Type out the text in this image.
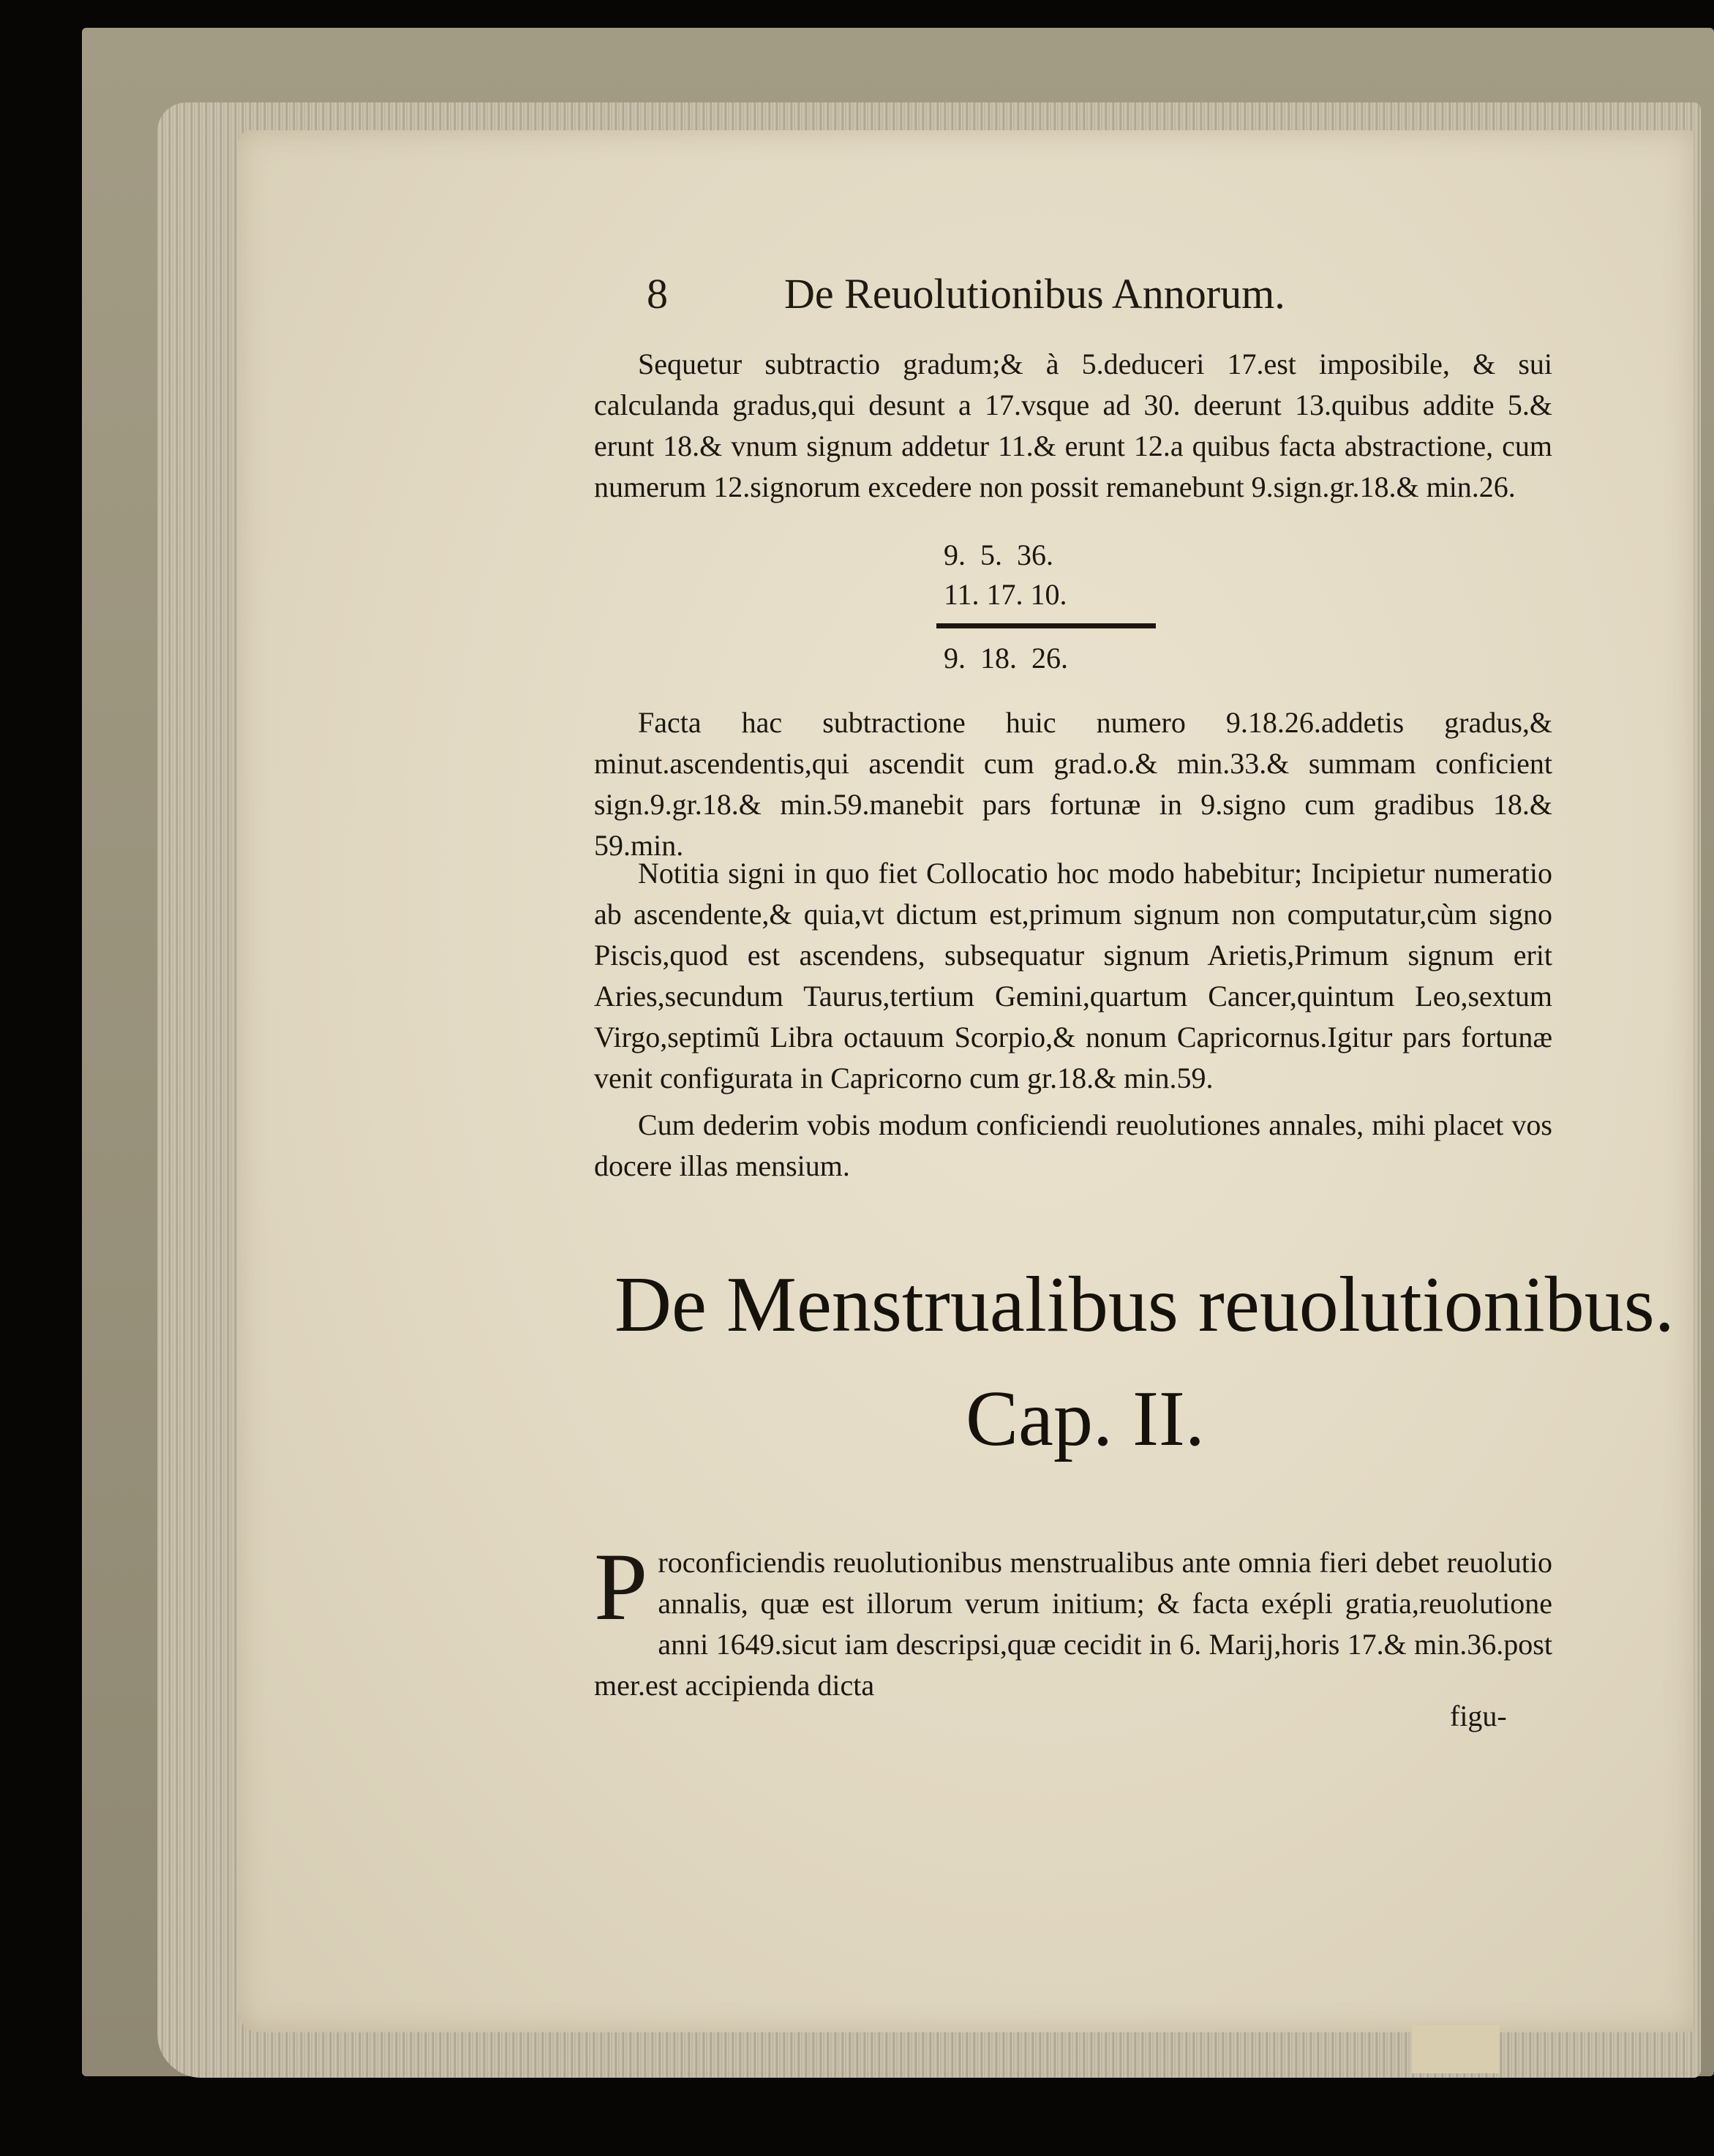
8	De Reuolutionibus Annorum.

Sequetur subtractio gradum;& à 5.deduceri 17.est imposibile, & sui calculanda gradus,qui desunt a 17.vsque ad 30. deerunt 13.quibus addite 5.& erunt 18.& vnum signum addetur 11.& erunt 12.a quibus facta abstractione, cum numerum 12.signorum excedere non possit remanebunt 9.sign.gr.18.& min.26.

9.  5.  36.
11. 17. 10.
9.  18.  26.

Facta hac subtractione huic numero 9.18.26.addetis gradus,& minut.ascendentis,qui ascendit cum grad.o.& min.33.& summam conficient sign.9.gr.18.& min.59.manebit pars fortunæ in 9.signo cum gradibus 18.& 59.min.

Notitia signi in quo fiet Collocatio hoc modo habebitur; Incipietur numeratio ab ascendente,& quia,vt dictum est,primum signum non computatur,cùm signo Piscis,quod est ascendens, subsequatur signum Arietis,Primum signum erit Aries,secundum Taurus,tertium Gemini,quartum Cancer,quintum Leo,sextum Virgo,septimũ Libra octauum Scorpio,& nonum Capricornus.Igitur pars fortunæ venit configurata in Capricorno cum gr.18.& min.59.

Cum dederim vobis modum conficiendi reuolutiones annales, mihi placet vos docere illas mensium.

De Menstrualibus reuolutionibus.
Cap. II.
P roconficiendis reuolutionibus menstrualibus ante omnia fieri debet reuolutio annalis, quæ est illorum verum initium; & facta exépli gratia,reuolutione anni 1649.sicut iam descripsi,quæ cecidit in 6. Marij,horis 17.& min.36.post mer.est accipienda dicta
figu-
